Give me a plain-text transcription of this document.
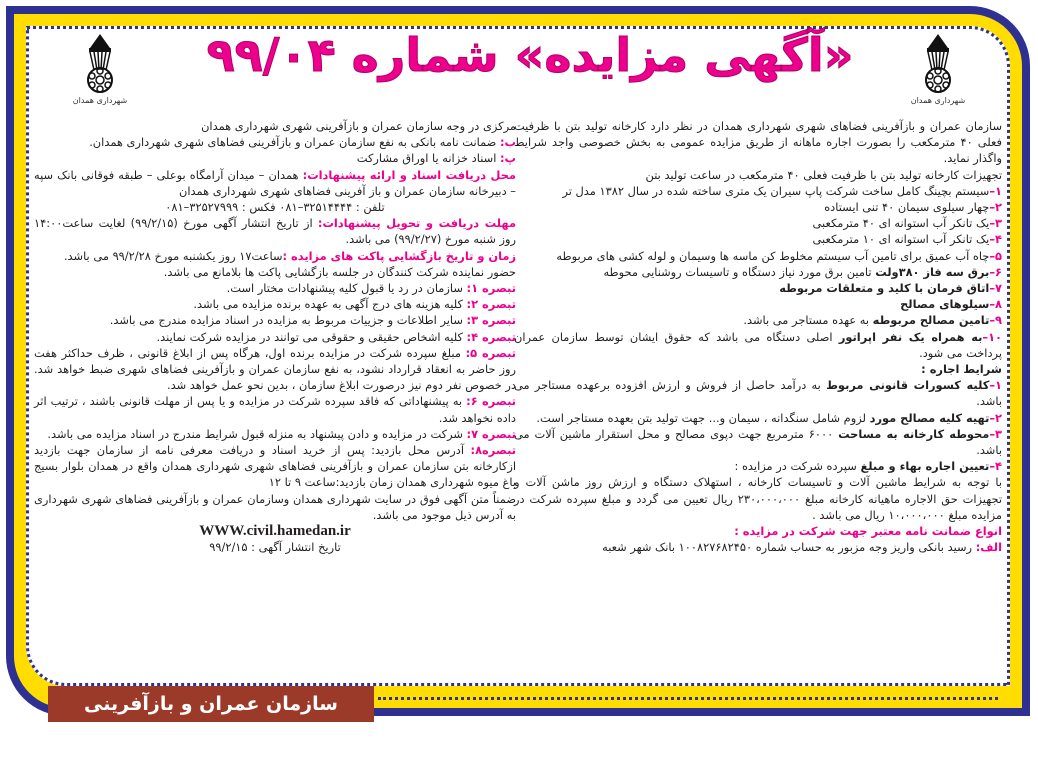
شهرداری همدان
شهرداری همدان
«آگهی مزایده» شماره ۹۹/۰۴

سازمان عمران و بازآفرینی فضاهای شهری شهرداری همدان در نظر دارد کارخانه تولید بتن با ظرفیت فعلی ۴۰ مترمکعب را بصورت اجاره ماهانه از طریق مزایده عمومی به بخش خصوصی واجد شرایط واگذار نماید.

تجهیزات کارخانه تولید بتن با ظرفیت فعلی ۴۰ مترمکعب در ساعت تولید بتن

۱–سیستم بچینگ کامل ساخت شرکت پاپ سیران یک متری ساخته شده در سال ۱۳۸۲ مدل تر

۲–چهار سیلوی سیمان ۴۰ تنی ایستاده

۳–یک تانکر آب استوانه ای ۴۰ مترمکعبی

۴–یک تانکر آب استوانه ای ۱۰ مترمکعبی

۵–چاه آب عمیق برای تامین آب سیستم مخلوط کن ماسه ها وسیمان و لوله کشی های مربوطه

۶–برق سه فاز ۳۸۰ولت تامین برق مورد نیاز دستگاه و تاسیسات روشنایی محوطه

۷–اتاق فرمان با کلید و متعلقات مربوطه

۸–سیلوهای مصالح

۹–تامین مصالح مربوطه به عهده مستاجر می باشد.

۱۰–به همراه یک نفر اپراتور اصلی دستگاه می باشد که حقوق ایشان توسط سازمان عمران پرداخت می شود.

شرایط اجاره :

۱–کلیه کسورات قانونی مربوط به درآمد حاصل از فروش و ارزش افزوده برعهده مستاجر می باشد.

۲–تهیه کلیه مصالح مورد لزوم شامل سنگدانه ، سیمان و... جهت تولید بتن بعهده مستاجر است.

۳–محوطه کارخانه به مساحت ۶۰۰۰ مترمربع جهت دپوی مصالح و محل استقرار ماشین آلات می باشد.

۴–تعیین اجاره بهاء و مبلغ سپرده شرکت در مزایده :

با توجه به شرایط ماشین آلات و تاسیسات کارخانه ، استهلاک دستگاه و ارزش روز ماشن آلات و تجهیزات حق الاجاره ماهیانه کارخانه مبلغ ۲۳۰،۰۰۰،۰۰۰ ریال تعیین می گردد و مبلغ سپرده شرکت در مزایده مبلغ ۱۰،۰۰۰،۰۰۰ ریال می باشد .

انواع ضمانت نامه معتبر جهت شرکت در مزایده :

الف: رسید بانکی واریز وجه مزبور به حساب شماره ۱۰۰۸۲۷۶۸۲۴۵۰ بانک شهر شعبه

مرکزی در وجه سازمان عمران و بازآفرینی شهری شهرداری همدان

ب: ضمانت نامه بانکی به نفع سازمان عمران و بازآفرینی فضاهای شهری شهرداری همدان.

پ: اسناد خزانه یا اوراق مشارکت

محل دریافت اسناد و ارائه پیشنهادات: همدان – میدان آرامگاه بوعلی – طبقه فوقانی بانک سپه – دبیرخانه سازمان عمران و باز آفرینی فضاهای شهری شهرداری همدان

تلفن : ۳۲۵۱۴۴۴۴–۰۸۱ فکس : ۳۲۵۲۷۹۹۹–۰۸۱

مهلت دریافت و تحویل پیشنهادات: از تاریخ انتشار آگهی مورخ (۹۹/۲/۱۵) لغایت ساعت۱۴:۰۰ روز شنبه مورخ (۹۹/۲/۲۷) می باشد.

زمان و تاریخ بازگشایی پاکت های مزایده :ساعت۱۷ روز یکشنبه مورخ ۹۹/۲/۲۸ می باشد.

حضور نماینده شرکت کنندگان در جلسه بازگشایی پاکت ها بلامانع می باشد.

تبصره ۱: سازمان در رد یا قبول کلیه پیشنهادات مختار است.

تبصره ۲: کلیه هزینه های درج آگهی به عهده برنده مزایده می باشد.

تبصره ۳: سایر اطلاعات و جزییات مربوط به مزایده در اسناد مزایده مندرج می باشد.

تبصره ۴: کلیه اشخاص حقیقی و حقوقی می توانند در مزایده شرکت نمایند.

تبصره ۵: مبلغ سپرده شرکت در مزایده برنده اول، هرگاه پس از ابلاغ قانونی ، ظرف حداکثر هفت روز حاضر به انعقاد قرارداد نشود، به نفع سازمان عمران و بازآفرینی فضاهای شهری ضبط خواهد شد. در خصوص نفر دوم نیز درصورت ابلاغ سازمان ، بدین نحو عمل خواهد شد.

تبصره ۶: به پیشنهاداتی که فاقد سپرده شرکت در مزایده و یا پس از مهلت قانونی باشند ، ترتیب اثر داده نخواهد شد.

تبصره ۷: شرکت در مزایده و دادن پیشنهاد به منزله قبول شرایط مندرج در اسناد مزایده می باشد.

تبصره۸: آدرس محل بازدید: پس از خرید اسناد و دریافت معرفی نامه از سازمان جهت بازدید ازکارخانه بتن سازمان عمران و بازآفرینی فضاهای شهری شهرداری همدان واقع در همدان بلوار بسیج باغ میوه شهرداری همدان زمان بازدید:ساعت ۹ تا ۱۲

ضمناً متن آگهی فوق در سایت شهرداری همدان وسازمان عمران و بازآفرینی فضاهای شهری شهرداری به آدرس ذیل موجود می باشد.

WWW.civil.hamedan.ir

تاریخ انتشار آگهی : ۹۹/۲/۱۵

سازمان عمران و بازآفرینی فضاهای شهری شهرداری همدان
